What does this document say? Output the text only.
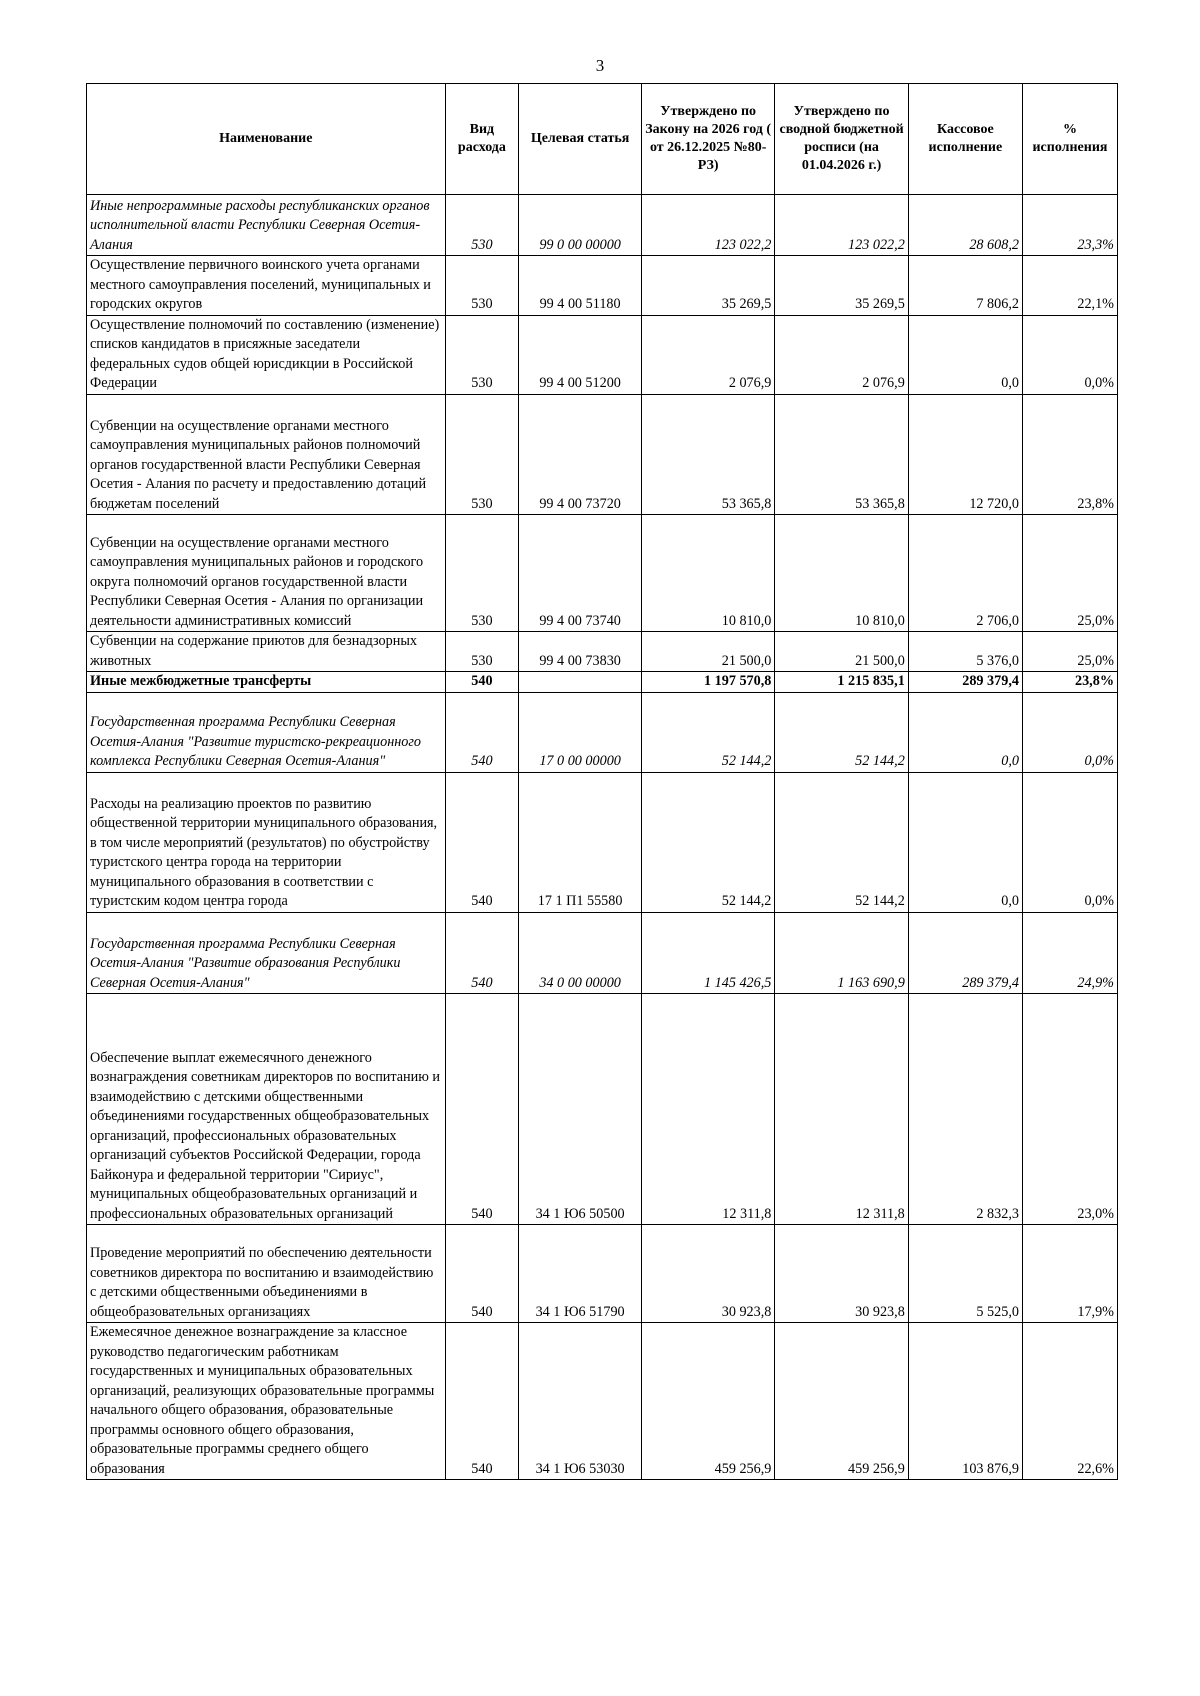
3
Наименование	Вид расхода	Целевая статья	Утверждено по Закону на 2026 год ( от 26.12.2025 №80-РЗ)	Утверждено по сводной бюджетной росписи (на 01.04.2026 г.)	Кассовое исполнение	% исполнения
Иные непрограммные расходы республиканских органов исполнительной власти Республики Северная Осетия-Алания	530	99 0 00 00000	123 022,2	123 022,2	28 608,2	23,3%
Осуществление первичного воинского учета органами местного самоуправления поселений, муниципальных и городских округов	530	99 4 00 51180	35 269,5	35 269,5	7 806,2	22,1%
Осуществление полномочий по составлению (изменение) списков кандидатов в присяжные заседатели федеральных судов общей юрисдикции в Российской Федерации	530	99 4 00 51200	2 076,9	2 076,9	0,0	0,0%
Субвенции на осуществление органами местного самоуправления муниципальных районов полномочий органов государственной власти Республики Северная Осетия - Алания по расчету и предоставлению дотаций бюджетам поселений	530	99 4 00 73720	53 365,8	53 365,8	12 720,0	23,8%
Субвенции на осуществление органами местного самоуправления муниципальных районов и городского округа полномочий органов государственной власти Республики Северная Осетия - Алания по организации деятельности административных комиссий	530	99 4 00 73740	10 810,0	10 810,0	2 706,0	25,0%
Субвенции на содержание приютов для безнадзорных животных	530	99 4 00 73830	21 500,0	21 500,0	5 376,0	25,0%
Иные межбюджетные трансферты	540		1 197 570,8	1 215 835,1	289 379,4	23,8%
Государственная программа Республики Северная Осетия-Алания "Развитие туристско-рекреационного комплекса Республики Северная Осетия-Алания"	540	17 0 00 00000	52 144,2	52 144,2	0,0	0,0%
Расходы на реализацию проектов по развитию общественной территории муниципального образования, в том числе мероприятий (результатов) по обустройству туристского центра города на территории муниципального образования в соответствии с туристским кодом центра города	540	17 1 П1 55580	52 144,2	52 144,2	0,0	0,0%
Государственная программа Республики Северная Осетия-Алания "Развитие образования Республики Северная Осетия-Алания"	540	34 0 00 00000	1 145 426,5	1 163 690,9	289 379,4	24,9%
Обеспечение выплат ежемесячного денежного вознаграждения советникам директоров по воспитанию и взаимодействию с детскими общественными объединениями государственных общеобразовательных организаций, профессиональных образовательных организаций субъектов Российской Федерации, города Байконура и федеральной территории "Сириус", муниципальных общеобразовательных организаций и профессиональных образовательных организаций	540	34 1 Ю6 50500	12 311,8	12 311,8	2 832,3	23,0%
Проведение мероприятий по обеспечению деятельности советников директора по воспитанию и взаимодействию с детскими общественными объединениями в общеобразовательных организациях	540	34 1 Ю6 51790	30 923,8	30 923,8	5 525,0	17,9%
Ежемесячное денежное вознаграждение за классное руководство педагогическим работникам государственных и муниципальных образовательных организаций, реализующих образовательные программы начального общего образования, образовательные программы основного общего образования, образовательные программы среднего общего образования	540	34 1 Ю6 53030	459 256,9	459 256,9	103 876,9	22,6%
